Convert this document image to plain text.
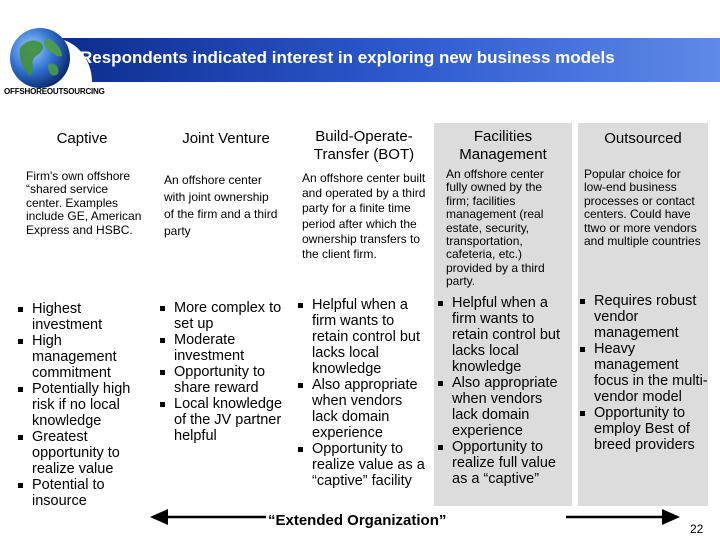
Respondents indicated interest in exploring new business models
OFFSHOREOUTSOURCING
Captive
Firm's own offshore “shared service center. Examples include GE, American Express and HSBC.
Highest investment
High management commitment
Potentially high risk if no local knowledge
Greatest opportunity to realize value
Potential to insource
Joint Venture
An offshore center with joint ownership of the firm and a third party
More complex to set up
Moderate investment
Opportunity to share reward
Local knowledge of the JV partner helpful
Build-Operate-Transfer (BOT)
An offshore center built and operated by a third party for a finite time period after which the ownership transfers to the client firm.
Helpful when a firm wants to retain control but lacks local knowledge
Also appropriate when vendors lack domain experience
Opportunity to realize value as a “captive” facility
Facilities Management
An offshore center fully owned by the firm; facilities management (real estate, security, transportation, cafeteria, etc.) provided by a third party.
Helpful when a firm wants to retain control but lacks local knowledge
Also appropriate when vendors lack domain experience
Opportunity to realize full value as a “captive”
Outsourced
Popular choice for low-end business processes or contact centers. Could have ttwo or more vendors and multiple countries
Requires robust vendor management
Heavy management focus in the multi-vendor model
Opportunity to employ Best of breed providers
“Extended Organization”	22
